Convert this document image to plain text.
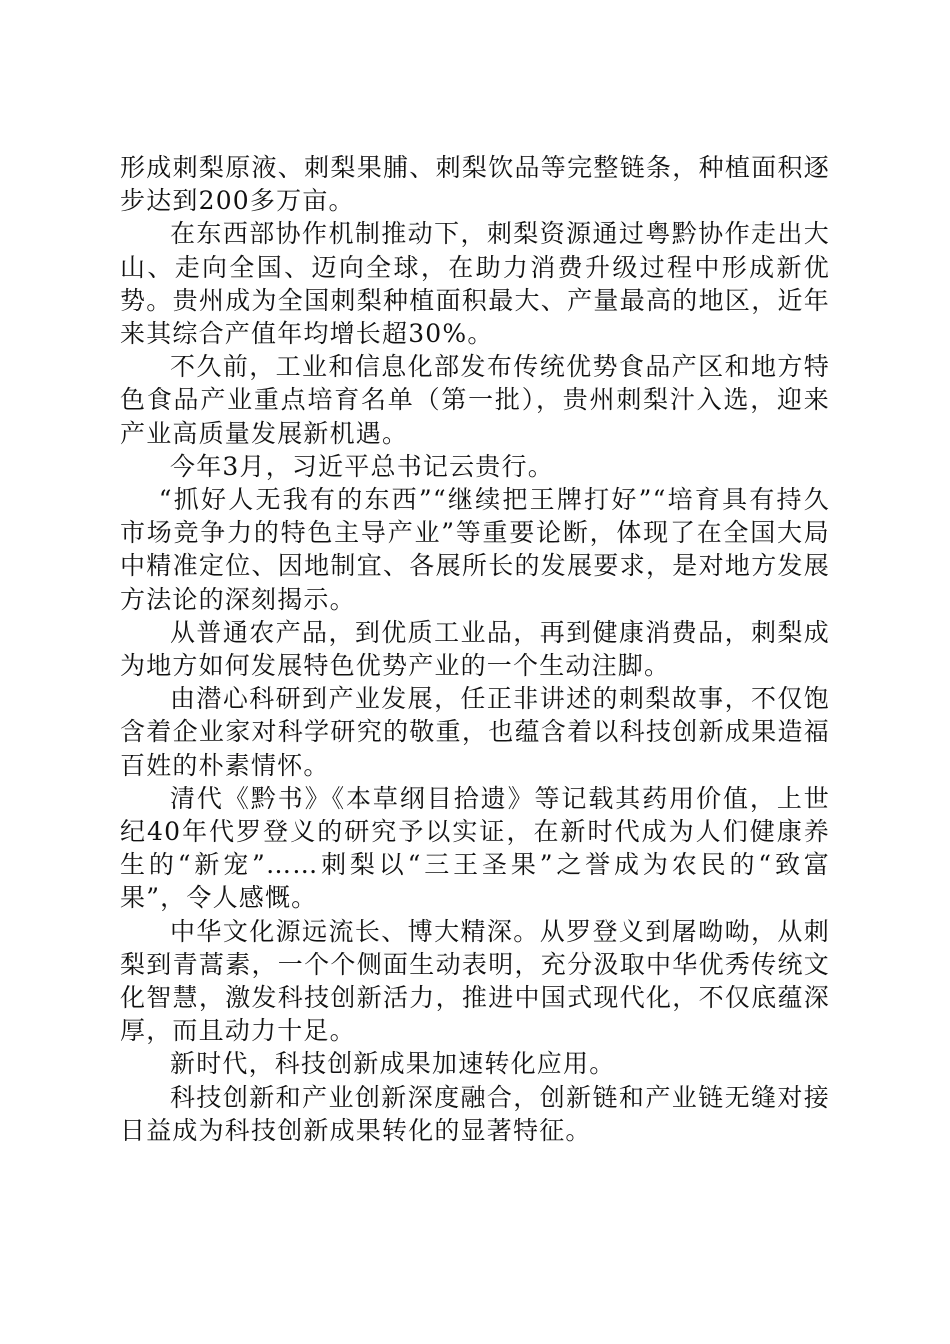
形成刺梨原液、刺梨果脯、刺梨饮品等完整链条，种植面积逐步达到200多万亩。

在东西部协作机制推动下，刺梨资源通过粤黔协作走出大山、走向全国、迈向全球，在助力消费升级过程中形成新优势。贵州成为全国刺梨种植面积最大、产量最高的地区，近年来其综合产值年均增长超30%。

不久前，工业和信息化部发布传统优势食品产区和地方特色食品产业重点培育名单（第一批），贵州刺梨汁入选，迎来产业高质量发展新机遇。

今年3月，习近平总书记云贵行。

“抓好人无我有的东西”“继续把王牌打好”“培育具有持久市场竞争力的特色主导产业”等重要论断，体现了在全国大局中精准定位、因地制宜、各展所长的发展要求，是对地方发展方法论的深刻揭示。

从普通农产品，到优质工业品，再到健康消费品，刺梨成为地方如何发展特色优势产业的一个生动注脚。

由潜心科研到产业发展，任正非讲述的刺梨故事，不仅饱含着企业家对科学研究的敬重，也蕴含着以科技创新成果造福百姓的朴素情怀。

清代《黔书》《本草纲目拾遗》等记载其药用价值，上世纪40年代罗登义的研究予以实证，在新时代成为人们健康养生的“新宠”……刺梨以“三王圣果”之誉成为农民的“致富果”，令人感慨。

中华文化源远流长、博大精深。从罗登义到屠呦呦，从刺梨到青蒿素，一个个侧面生动表明，充分汲取中华优秀传统文化智慧，激发科技创新活力，推进中国式现代化，不仅底蕴深厚，而且动力十足。

新时代，科技创新成果加速转化应用。

科技创新和产业创新深度融合，创新链和产业链无缝对接日益成为科技创新成果转化的显著特征。
